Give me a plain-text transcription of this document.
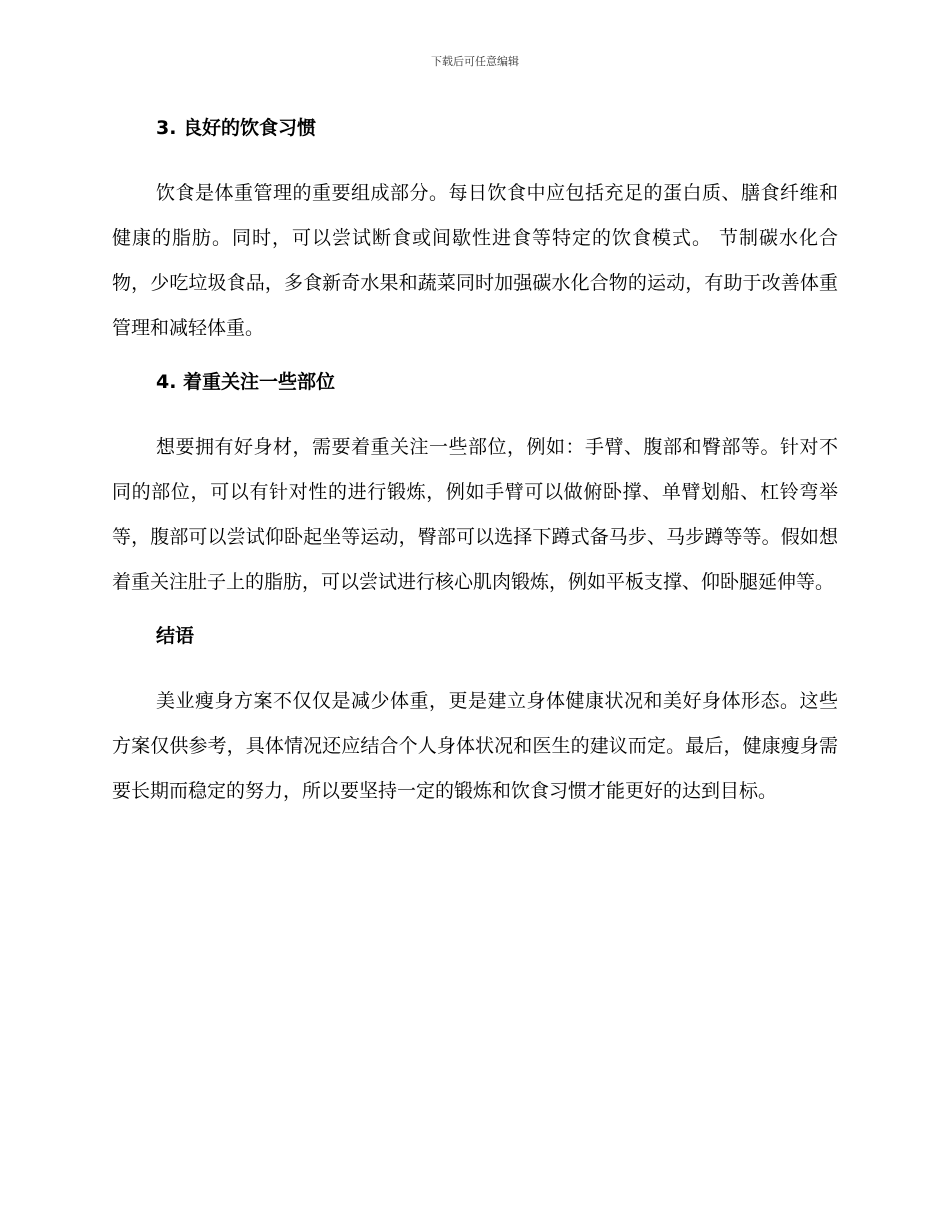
下载后可任意编辑
3. 良好的饮食习惯

饮食是体重管理的重要组成部分。每日饮食中应包括充足的蛋白质、膳食纤维和健康的脂肪。同时，可以尝试断食或间歇性进食等特定的饮食模式。 节制碳水化合物，少吃垃圾食品，多食新奇水果和蔬菜同时加强碳水化合物的运动，有助于改善体重管理和减轻体重。

4. 着重关注一些部位

想要拥有好身材，需要着重关注一些部位，例如：手臂、腹部和臀部等。针对不同的部位，可以有针对性的进行锻炼，例如手臂可以做俯卧撑、单臂划船、杠铃弯举等，腹部可以尝试仰卧起坐等运动，臀部可以选择下蹲式备马步、马步蹲等等。假如想着重关注肚子上的脂肪，可以尝试进行核心肌肉锻炼，例如平板支撑、仰卧腿延伸等。

结语

美业瘦身方案不仅仅是减少体重，更是建立身体健康状况和美好身体形态。这些方案仅供参考，具体情况还应结合个人身体状况和医生的建议而定。最后，健康瘦身需要长期而稳定的努力，所以要坚持一定的锻炼和饮食习惯才能更好的达到目标。
